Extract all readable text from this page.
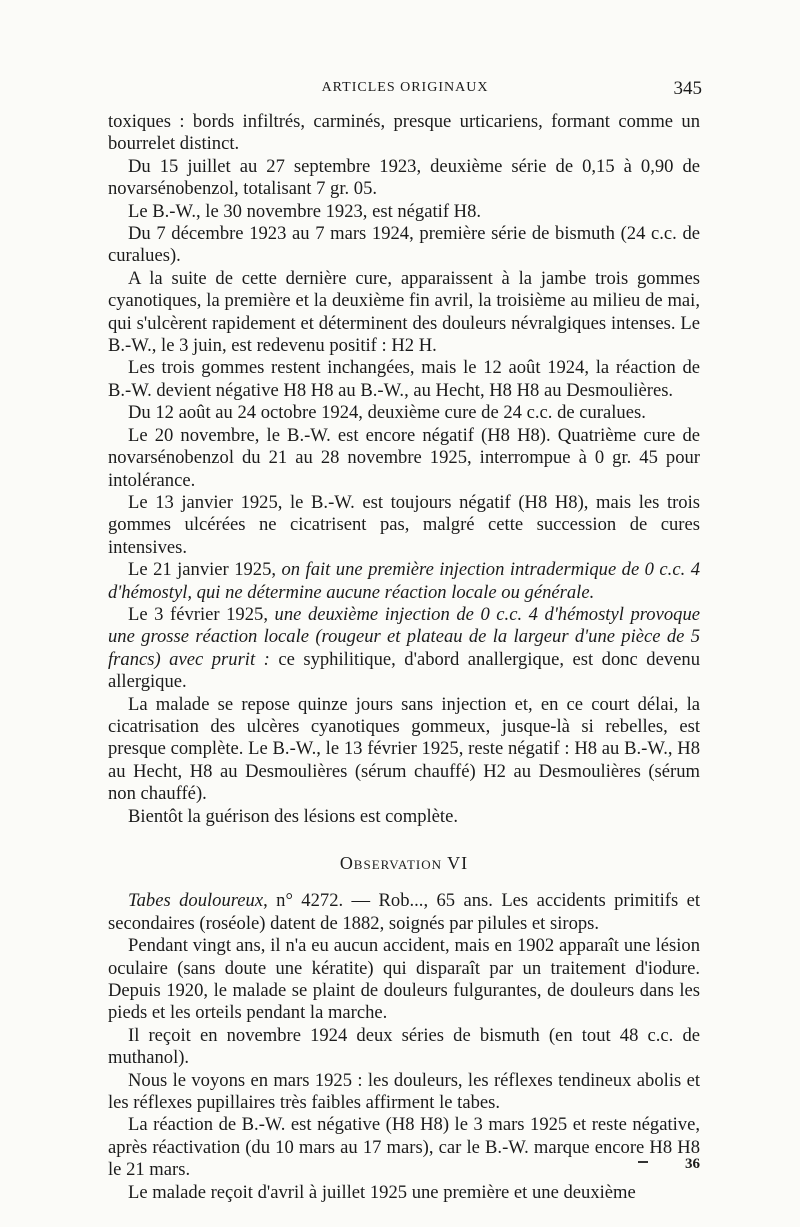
ARTICLES ORIGINAUX	345

toxiques : bords infiltrés, carminés, presque urticariens, formant comme un bourrelet distinct.

Du 15 juillet au 27 septembre 1923, deuxième série de 0,15 à 0,90 de novarsénobenzol, totalisant 7 gr. 05.

Le B.-W., le 30 novembre 1923, est négatif H8.

Du 7 décembre 1923 au 7 mars 1924, première série de bismuth (24 c.c. de curalues).

A la suite de cette dernière cure, apparaissent à la jambe trois gommes cyanotiques, la première et la deuxième fin avril, la troisième au milieu de mai, qui s'ulcèrent rapidement et déterminent des douleurs névralgiques intenses. Le B.-W., le 3 juin, est redevenu positif : H2 H.

Les trois gommes restent inchangées, mais le 12 août 1924, la réaction de B.-W. devient négative H8 H8 au B.-W., au Hecht, H8 H8 au Desmoulières.

Du 12 août au 24 octobre 1924, deuxième cure de 24 c.c. de curalues.

Le 20 novembre, le B.-W. est encore négatif (H8 H8). Quatrième cure de novarsénobenzol du 21 au 28 novembre 1925, interrompue à 0 gr. 45 pour intolérance.

Le 13 janvier 1925, le B.-W. est toujours négatif (H8 H8), mais les trois gommes ulcérées ne cicatrisent pas, malgré cette succession de cures intensives.

Le 21 janvier 1925, on fait une première injection intradermique de 0 c.c. 4 d'hémostyl, qui ne détermine aucune réaction locale ou générale.

Le 3 février 1925, une deuxième injection de 0 c.c. 4 d'hémostyl provoque une grosse réaction locale (rougeur et plateau de la largeur d'une pièce de 5 francs) avec prurit : ce syphilitique, d'abord anallergique, est donc devenu allergique.

La malade se repose quinze jours sans injection et, en ce court délai, la cicatrisation des ulcères cyanotiques gommeux, jusque-là si rebelles, est presque complète. Le B.-W., le 13 février 1925, reste négatif : H8 au B.-W., H8 au Hecht, H8 au Desmoulières (sérum chauffé) H2 au Desmoulières (sérum non chauffé).

Bientôt la guérison des lésions est complète.

Observation VI

Tabes douloureux, n° 4272. — Rob..., 65 ans. Les accidents primitifs et secondaires (roséole) datent de 1882, soignés par pilules et sirops.

Pendant vingt ans, il n'a eu aucun accident, mais en 1902 apparaît une lésion oculaire (sans doute une kératite) qui disparaît par un traitement d'iodure. Depuis 1920, le malade se plaint de douleurs fulgurantes, de douleurs dans les pieds et les orteils pendant la marche.

Il reçoit en novembre 1924 deux séries de bismuth (en tout 48 c.c. de muthanol).

Nous le voyons en mars 1925 : les douleurs, les réflexes tendineux abolis et les réflexes pupillaires très faibles affirment le tabes.

La réaction de B.-W. est négative (H8 H8) le 3 mars 1925 et reste négative, après réactivation (du 10 mars au 17 mars), car le B.-W. marque encore H8 H8 le 21 mars.

Le malade reçoit d'avril à juillet 1925 une première et une deuxième

36
